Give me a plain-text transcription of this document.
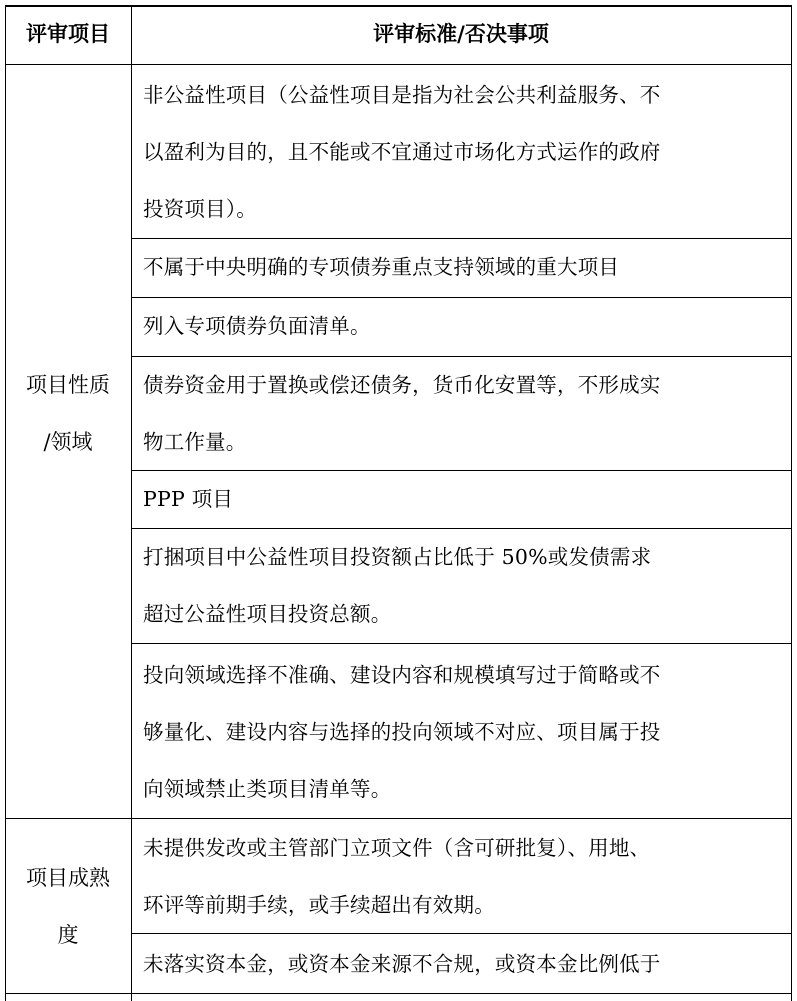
评审项目	评审标准/否决事项
项目性质
/领域
非公益性项目（公益性项目是指为社会公共利益服务、不
以盈利为目的，且不能或不宜通过市场化方式运作的政府
投资项目）。
不属于中央明确的专项债券重点支持领域的重大项目
列入专项债券负面清单。
债券资金用于置换或偿还债务，货币化安置等，不形成实
物工作量。
PPP 项目
打捆项目中公益性项目投资额占比低于 50%或发债需求
超过公益性项目投资总额。
投向领域选择不准确、建设内容和规模填写过于简略或不
够量化、建设内容与选择的投向领域不对应、项目属于投
向领域禁止类项目清单等。
项目成熟
度
未提供发改或主管部门立项文件（含可研批复）、用地、
环评等前期手续，或手续超出有效期。
未落实资本金，或资本金来源不合规，或资本金比例低于
